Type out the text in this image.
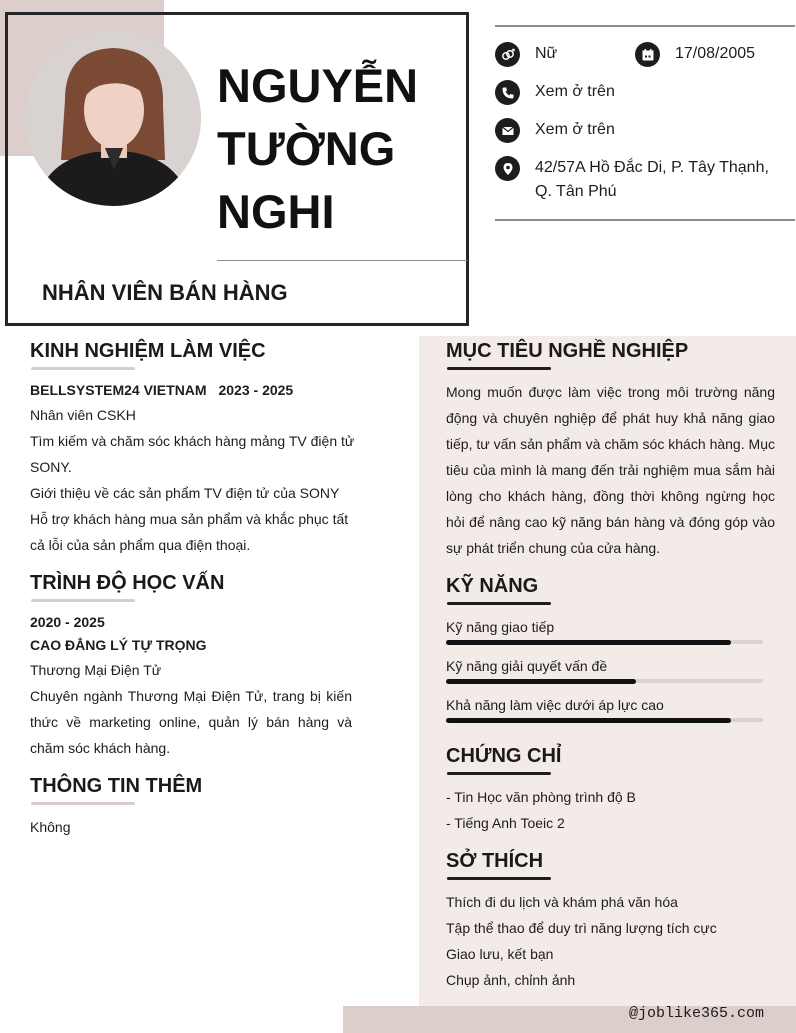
NGUYỄN
TƯỜNG
NGHI
NHÂN VIÊN BÁN HÀNG
Nữ	17/08/2005
Xem ở trên
Xem ở trên
42/57A Hồ Đắc Di, P. Tây Thạnh,
Q. Tân Phú
KINH NGHIỆM LÀM VIỆC
BELLSYSTEM24 VIETNAM 2023 - 2025
Nhân viên CSKH
Tìm kiếm và chăm sóc khách hàng mảng TV điện tử
SONY.
Giới thiệu về các sản phẩm TV điện tử của SONY
Hỗ trợ khách hàng mua sản phẩm và khắc phục tất
cả lỗi của sản phẩm qua điện thoại.
TRÌNH ĐỘ HỌC VẤN
2020 - 2025
CAO ĐẲNG LÝ TỰ TRỌNG
Thương Mại Điện Tử
Chuyên ngành Thương Mại Điện Tử, trang bị kiến thức về marketing online, quản lý bán hàng và chăm sóc khách hàng.
THÔNG TIN THÊM
Không
MỤC TIÊU NGHỀ NGHIỆP
Mong muốn được làm việc trong môi trường năng động và chuyên nghiệp để phát huy khả năng giao tiếp, tư vấn sản phẩm và chăm sóc khách hàng. Mục tiêu của mình là mang đến trải nghiệm mua sắm hài lòng cho khách hàng, đồng thời không ngừng học hỏi để nâng cao kỹ năng bán hàng và đóng góp vào sự phát triển chung của cửa hàng.
KỸ NĂNG
Kỹ năng giao tiếp
Kỹ năng giải quyết vấn đề
Khả năng làm việc dưới áp lực cao
CHỨNG CHỈ
- Tin Học văn phòng trình độ B
- Tiếng Anh Toeic 2
SỞ THÍCH
Thích đi du lịch và khám phá văn hóa
Tập thể thao để duy trì năng lượng tích cực
Giao lưu, kết bạn
Chụp ảnh, chỉnh ảnh
@joblike365.com
